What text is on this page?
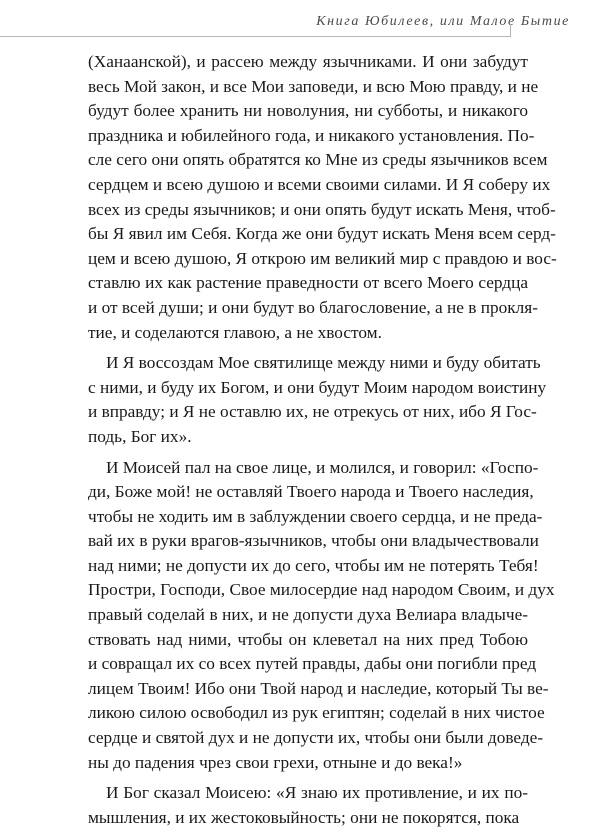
Книга Юбилеев, или Малое Бытие
(Ханаанской), и рассею между язычниками. И они забудут
весь Мой закон, и все Мои заповеди, и всю Мою правду, и не
будут более хранить ни новолуния, ни субботы, и никакого
праздника и юбилейного года, и никакого установления. По-
сле сего они опять обратятся ко Мне из среды язычников всем
сердцем и всею душою и всеми своими силами. И Я соберу их
всех из среды язычников; и они опять будут искать Меня, чтоб-
бы Я явил им Себя. Когда же они будут искать Меня всем серд-
цем и всею душою, Я открою им великий мир с правдою и вос-
ставлю их как растение праведности от всего Моего сердца
и от всей души; и они будут во благословение, а не в прокля-
тие, и соделаются главою, а не хвостом.
И Я воссоздам Мое святилище между ними и буду обитать
с ними, и буду их Богом, и они будут Моим народом воистину
и вправду; и Я не оставлю их, не отрекусь от них, ибо Я Гос-
подь, Бог их».
И Моисей пал на свое лице, и молился, и говорил: «Госпо-
ди, Боже мой! не оставляй Твоего народа и Твоего наследия,
чтобы не ходить им в заблуждении своего сердца, и не преда-
вай их в руки врагов-язычников, чтобы они владычествовали
над ними; не допусти их до сего, чтобы им не потерять Тебя!
Простри, Господи, Свое милосердие над народом Своим, и дух
правый соделай в них, и не допусти духа Велиара владыче-
ствовать над ними, чтобы он клеветал на них пред Тобою
и совращал их со всех путей правды, дабы они погибли пред
лицем Твоим! Ибо они Твой народ и наследие, который Ты ве-
ликою силою освободил из рук египтян; соделай в них чистое
сердце и святой дух и не допусти их, чтобы они были доведе-
ны до падения чрез свои грехи, отныне и до века!»
И Бог сказал Моисею: «Я знаю их противление, и их по-
мышления, и их жестоковыйность; они не покорятся, пока
